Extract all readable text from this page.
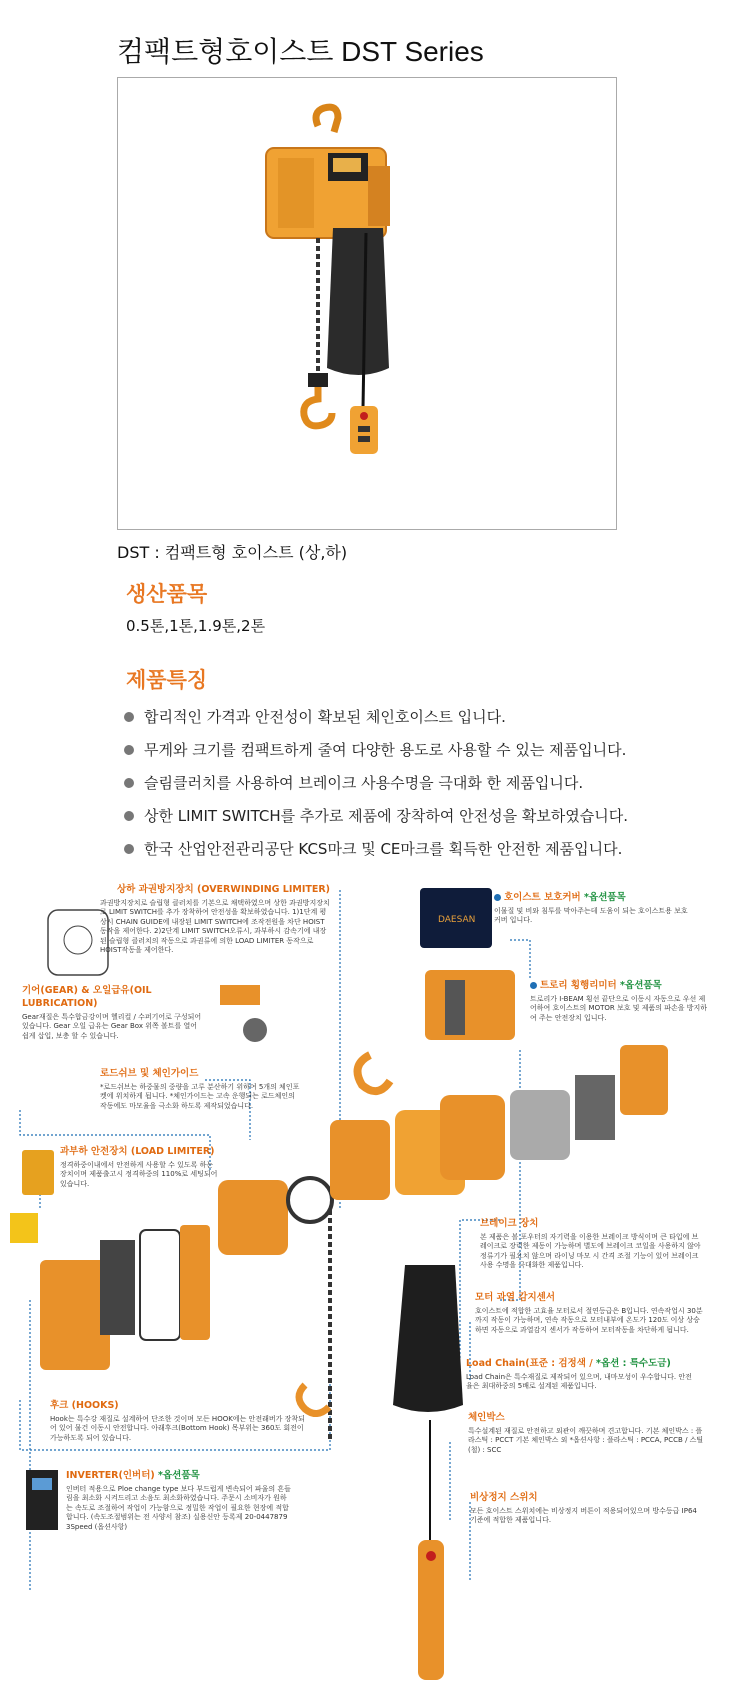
컴팩트형호이스트 DST Series
DST : 컴팩트형 호이스트 (상,하)
생산품목
0.5톤,1톤,1.9톤,2톤
제품특징
합리적인 가격과 안전성이 확보된 체인호이스트 입니다.
무게와 크기를 컴팩트하게 줄여 다양한 용도로 사용할 수 있는 제품입니다.
슬림클러치를 사용하여 브레이크 사용수명을 극대화 한 제품입니다.
상한 LIMIT SWITCH를 추가로 제품에 장착하여 안전성을 확보하였습니다.
한국 산업안전관리공단 KCS마크 및 CE마크를 획득한 안전한 제품입니다.
DAESAN
호이스트 보호커버 *옵션품목
이물질 및 비와 침투를 막아주는데 도움이 되는 호이스트용 보호커버 입니다.
상하 과권방지장치 (OVERWINDING LIMITER)
과권방지장치로 슬립형 클러치를 기본으로 채택하였으며 상한 과권방지장치로 LIMIT SWITCH를 추가 장착하여 안전성을 확보하였습니다. 1)1단계 평상시 CHAIN GUIDE에 내장된 LIMIT SWITCH에 조작전원을 차단 HOIST 동작을 제어한다. 2)2단계 LIMIT SWITCH오류시, 과부하시 감속기에 내장된 슬립형 클러치의 작동으로 과권류에 의한 LOAD LIMITER 동작으로 HOIST작동을 제어한다.
트로리 횡행리미터 *옵션품목
트로리가 I-BEAM 횡선 끝단으로 이동시 자동으로 우선 제어하여 호이스트의 MOTOR 보호 및 제품의 파손을 방지하여 주는 안전장치 입니다.
기어(GEAR) & 오일급유(OIL LUBRICATION)
Gear재질은 특수합금강이며 헬리컬 / 수퍼기어로 구성되어 있습니다. Gear 오일 급유는 Gear Box 위쪽 볼트를 열어 쉽게 삽입, 보충 할 수 있습니다.
로드쉬브 및 체인가이드
*로드쉬브는 하중물의 중량을 고루 분산하기 위하여 5개의 체인포켓에 위치하게 됩니다. *체인가이드는 고속 운행되는 로드체인의 작동에도 마모율을 극소화 하도록 제작되었습니다.
과부하 안전장치 (LOAD LIMITER)
정격하중이내에서 안전하게 사용할 수 있도록 하는 장치이며 제품출고시 정격하중의 110%로 세팅되어 있습니다.
브레이크 장치
본 제품은 볼 포우터의 자기력을 이용한 브레이크 방식이며 큰 타입에 브레이크로 장력한 제동이 가능하며 별도에 브레이크 코일을 사용하지 않아 정류기가 필요치 않으며 라이닝 마모 시 간격 조절 기능이 있어 브레이크 사용 수명을 극대화한 제품입니다.
모터 과열 감지센서
호이스트에 적합한 고효율 모터로서 절연등급은 B입니다. 연속작업시 30분까지 작동이 가능하며, 연속 작동으로 모터내부에 온도가 120도 이상 상승하면 자동으로 과열감지 센서가 작동하여 모터작동을 차단하게 됩니다.
Load Chain(표준 : 검정색 / *옵션 : 특수도금)
Load Chain은 특수재질로 제작되어 있으며, 내마모성이 우수합니다. 안전율은 최대하중의 5배로 설계된 제품입니다.
후크 (HOOKS)
Hook는 특수강 재질로 설계하여 단조한 것이며 모든 HOOK에는 안전래버가 장착되어 있어 물건 이동시 안전합니다. 아래후크(Bottom Hook) 목부위는 360도 회전이 가능하도록 되어 있습니다.
체인박스
특수설계된 재질로 안전하고 외관이 깨끗하며 견고합니다. 기본 체인박스 : 플라스틱 : PCCT 기본 체인박스 외 *옵션사항 : 플라스틱 : PCCA, PCCB / 스틸(철) : SCC
INVERTER(인버터) *옵션품목
인버터 적용으로 Ploe change type 보다 부드럽게 변속되어 파울의 흔들림을 최소화 시켜드리고 소음도 최소화하였습니다. 주문시 소비자가 원하는 속도로 조절하여 작업이 가능함으로 정밀한 작업이 필요한 현장에 적합합니다. (속도조절범위는 전 사양서 참조) 실용신안 등록제 20-0447879 3Speed (옵션사항)
비상정지 스위치
모든 호이스트 스위치에는 비상정지 버튼이 적용되어있으며 방수등급 IP64기준에 적합한 제품입니다.
